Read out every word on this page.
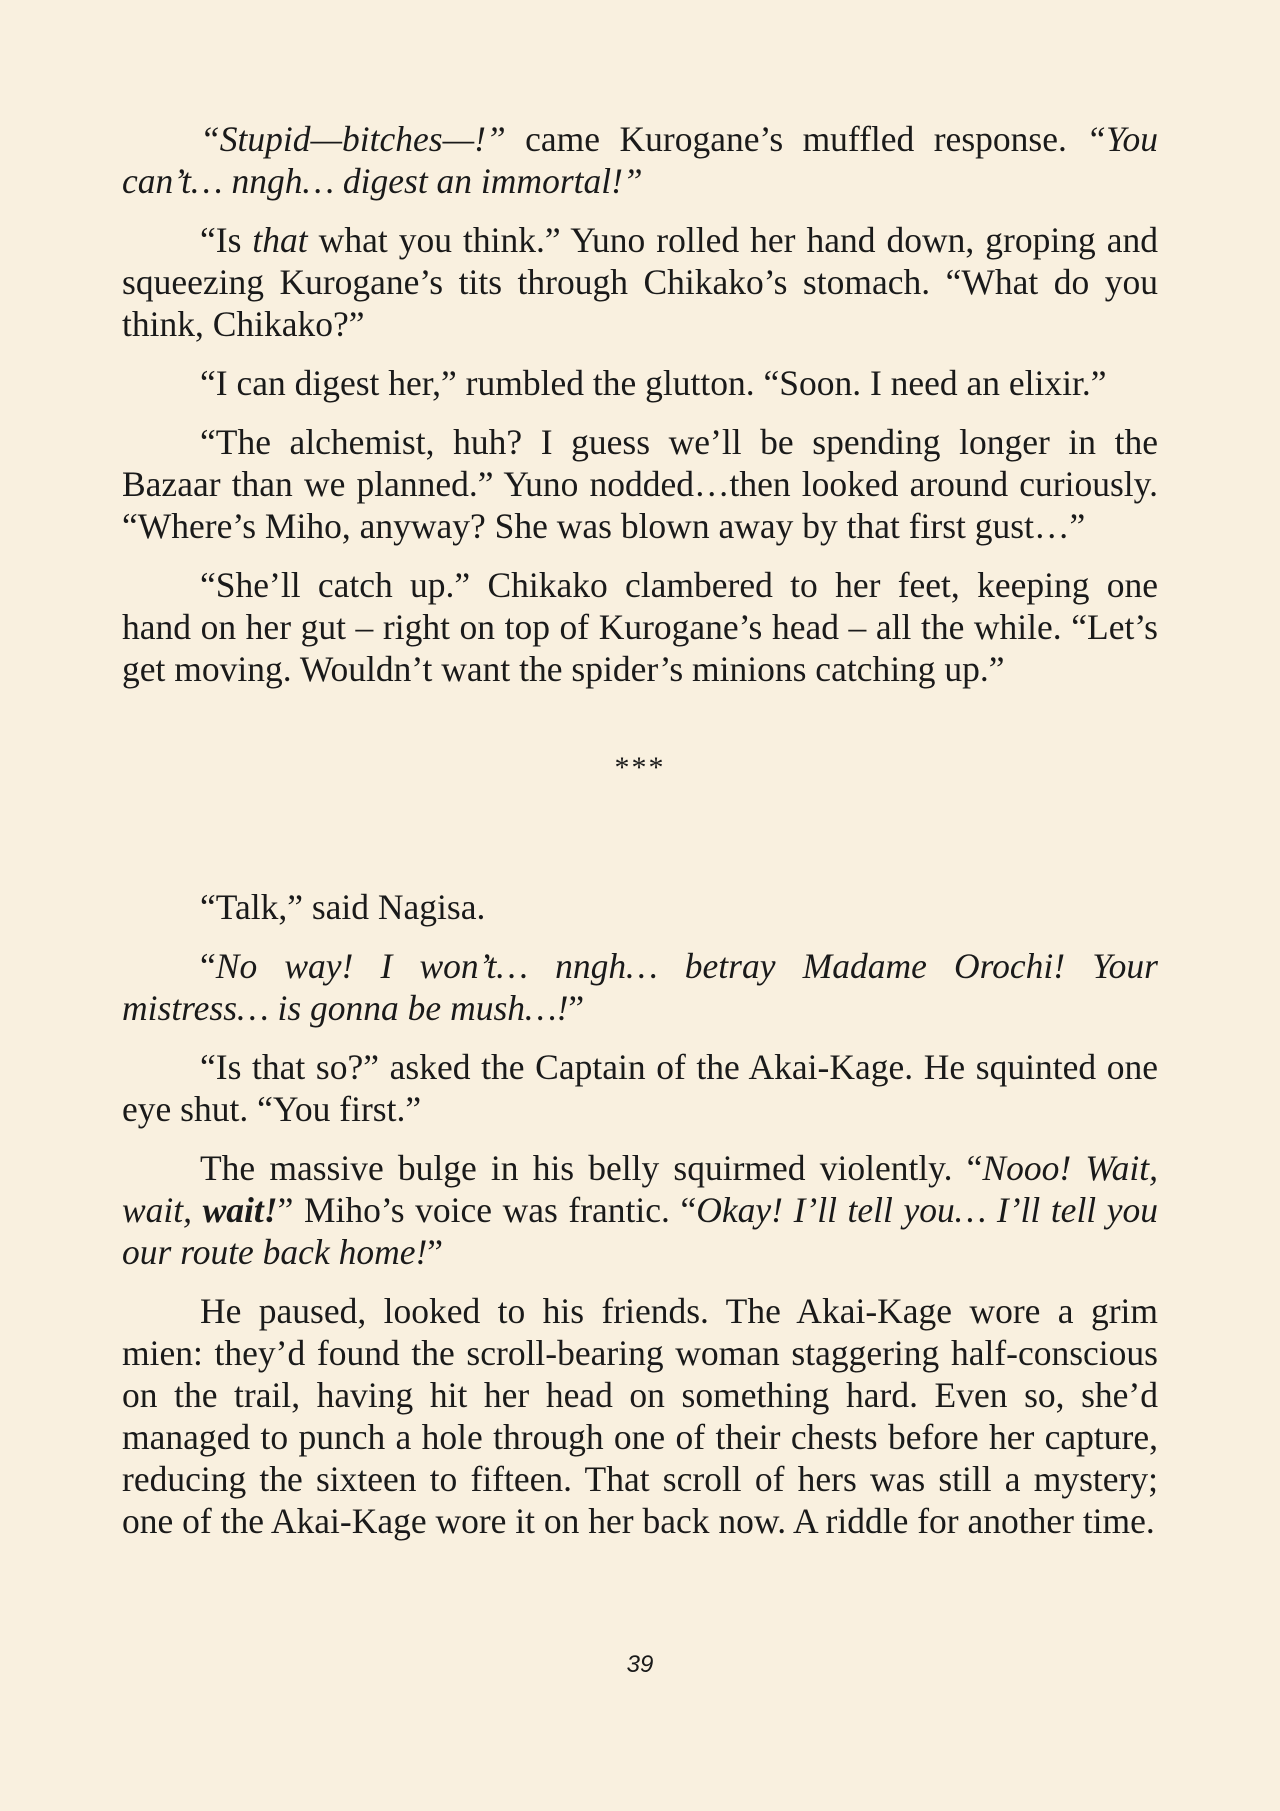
“Stupid—bitches—!” came Kurogane’s muffled response. “You can’t… nngh… digest an immortal!”

“Is that what you think.” Yuno rolled her hand down, groping and squeezing Kurogane’s tits through Chikako’s stomach. “What do you think, Chikako?”

“I can digest her,” rumbled the glutton. “Soon. I need an elixir.”

“The alchemist, huh? I guess we’ll be spending longer in the Bazaar than we planned.” Yuno nodded…then looked around curiously. “Where’s Miho, anyway? She was blown away by that first gust…”

“She’ll catch up.” Chikako clambered to her feet, keeping one hand on her gut – right on top of Kurogane’s head – all the while. “Let’s get moving. Wouldn’t want the spider’s minions catching up.”

***

“Talk,” said Nagisa.

“No way! I won’t… nngh… betray Madame Orochi! Your mistress… is gonna be mush…!”

“Is that so?” asked the Captain of the Akai-Kage. He squinted one eye shut. “You first.”

The massive bulge in his belly squirmed violently. “Nooo! Wait, wait, wait!” Miho’s voice was frantic. “Okay! I’ll tell you… I’ll tell you our route back home!”

He paused, looked to his friends. The Akai-Kage wore a grim mien: they’d found the scroll-bearing woman staggering half-conscious on the trail, having hit her head on something hard. Even so, she’d managed to punch a hole through one of their chests before her capture, reducing the sixteen to fifteen. That scroll of hers was still a mystery; one of the Akai-Kage wore it on her back now. A riddle for another time.

39
